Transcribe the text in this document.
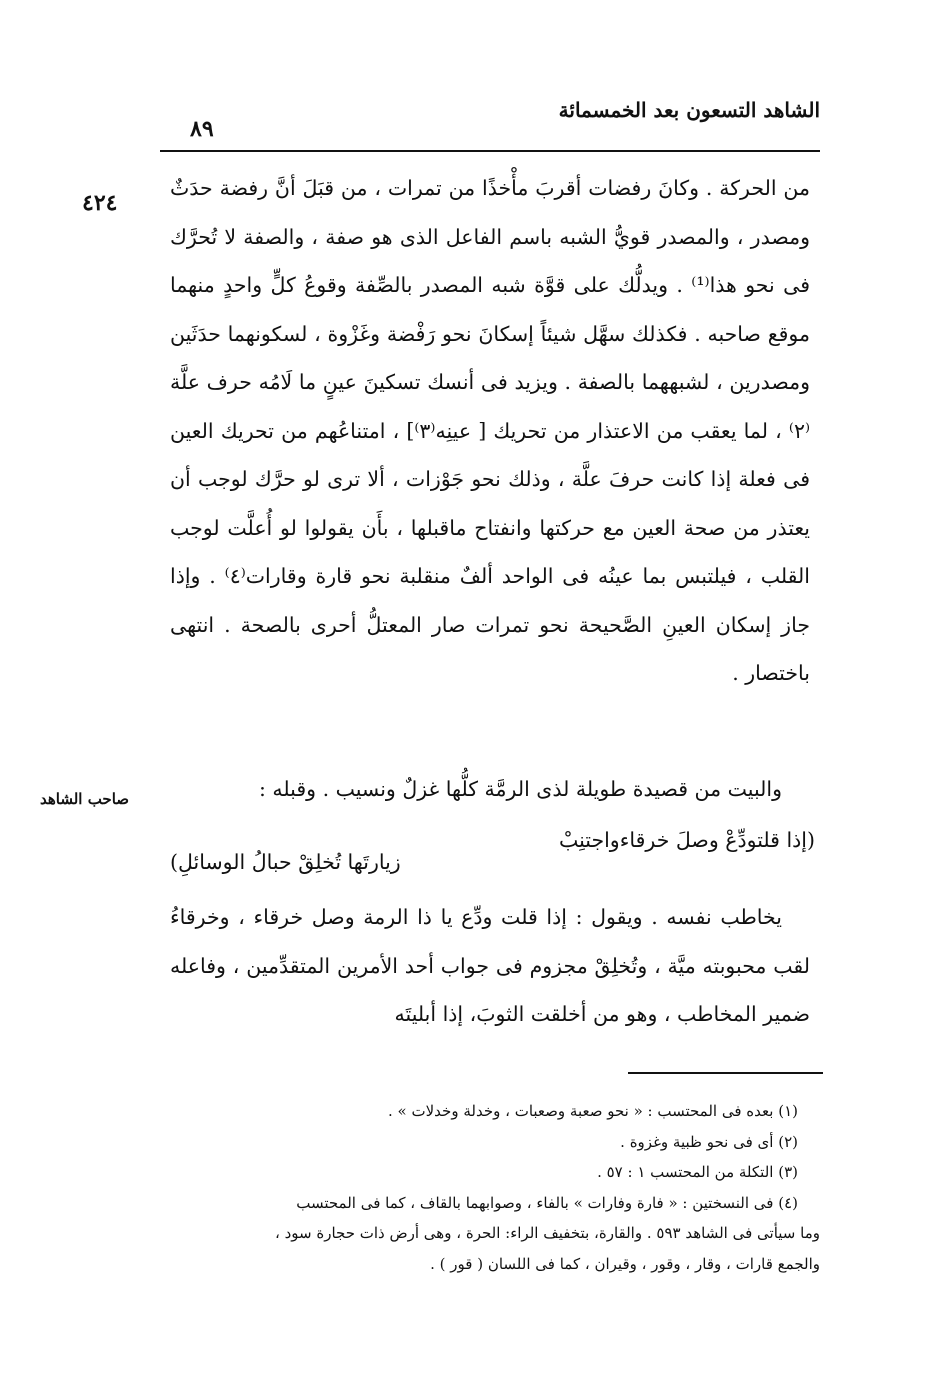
الشاهد التسعون بعد الخمسمائة
٨٩
٤٢٤
صاحب الشاهد

من الحركة . وكانَ رفضات أقربَ مأْخذًا من تمرات ، من قبَلَ أنَّ رفضة حدَثٌ ومصدر ، والمصدر قويُّ الشبه باسم الفاعل الذى هو صفة ، والصفة لا تُحرَّك فى نحو هذا⁽¹⁾ . ويدلُّك على قوَّة شبه المصدر بالصِّفة وقوعُ كلٍّ واحدٍ منهما موقع صاحبه . فكذلك سهَّل شيئاً إسكانَ نحو رَفْضة وغَزْوة ، لسكونهما حدَثَين ومصدرين ، لشبههما بالصفة . ويزيد فى أنسك تسكينَ عينٍ ما لَامُه حرف علَّة ⁽٢⁾ ، لما يعقب من الاعتذار من تحريك [ عينِه⁽٣⁾] ، امتناعُهم من تحريك العين فى فعلة إذا كانت حرفَ علَّة ، وذلك نحو جَوْزات ، ألا ترى لو حرَّك لوجب أن يعتذر من صحة العين مع حركتها وانفتاح ماقبلها ، بأَن يقولوا لو أُعلَّت لوجب القلب ، فيلتبس بما عينُه فى الواحد ألفٌ منقلبة نحو قارة وقارات⁽٤⁾ . وإذا جاز إسكان العينِ الصَّحيحة نحو تمرات صار المعتلُّ أحرى بالصحة . انتهى باختصار .

والبيت من قصيدة طويلة لذى الرمَّة كلُّها غزلٌ ونسيب . وقبله :

(إذا قلتودِّعْ وصلَ خرقاءواجتنِبْ
زيارتَها تُخلِقْ حبالُ الوسائلِ)

يخاطب نفسه . ويقول : إذا قلت ودِّع يا ذا الرمة وصل خرقاء ، وخرقاءُ لقب محبوبته ميَّة ، وتُخلِقْ مجزوم فى جواب أحد الأمرين المتقدِّمين ، وفاعله ضمير المخاطب ، وهو من أخلقت الثوبَ، إذا أبليتَه

(١) بعده فى المحتسب : « نحو صعبة وصعبات ، وخدلة وخدلات » .

(٢) أى فى نحو ظبية وغزوة .

(٣) التكلة من المحتسب ١ : ٥٧ .

(٤) فى النسختين : « فارة وفارات » بالفاء ، وصوابهما بالقاف ، كما فى المحتسب

وما سيأتى فى الشاهد ٥٩٣ . والقارة، بتخفيف الراء: الحرة ، وهى أرض ذات حجارة سود ،

والجمع قارات ، وقار ، وقور ، وقيران ، كما فى اللسان ( قور ) .
